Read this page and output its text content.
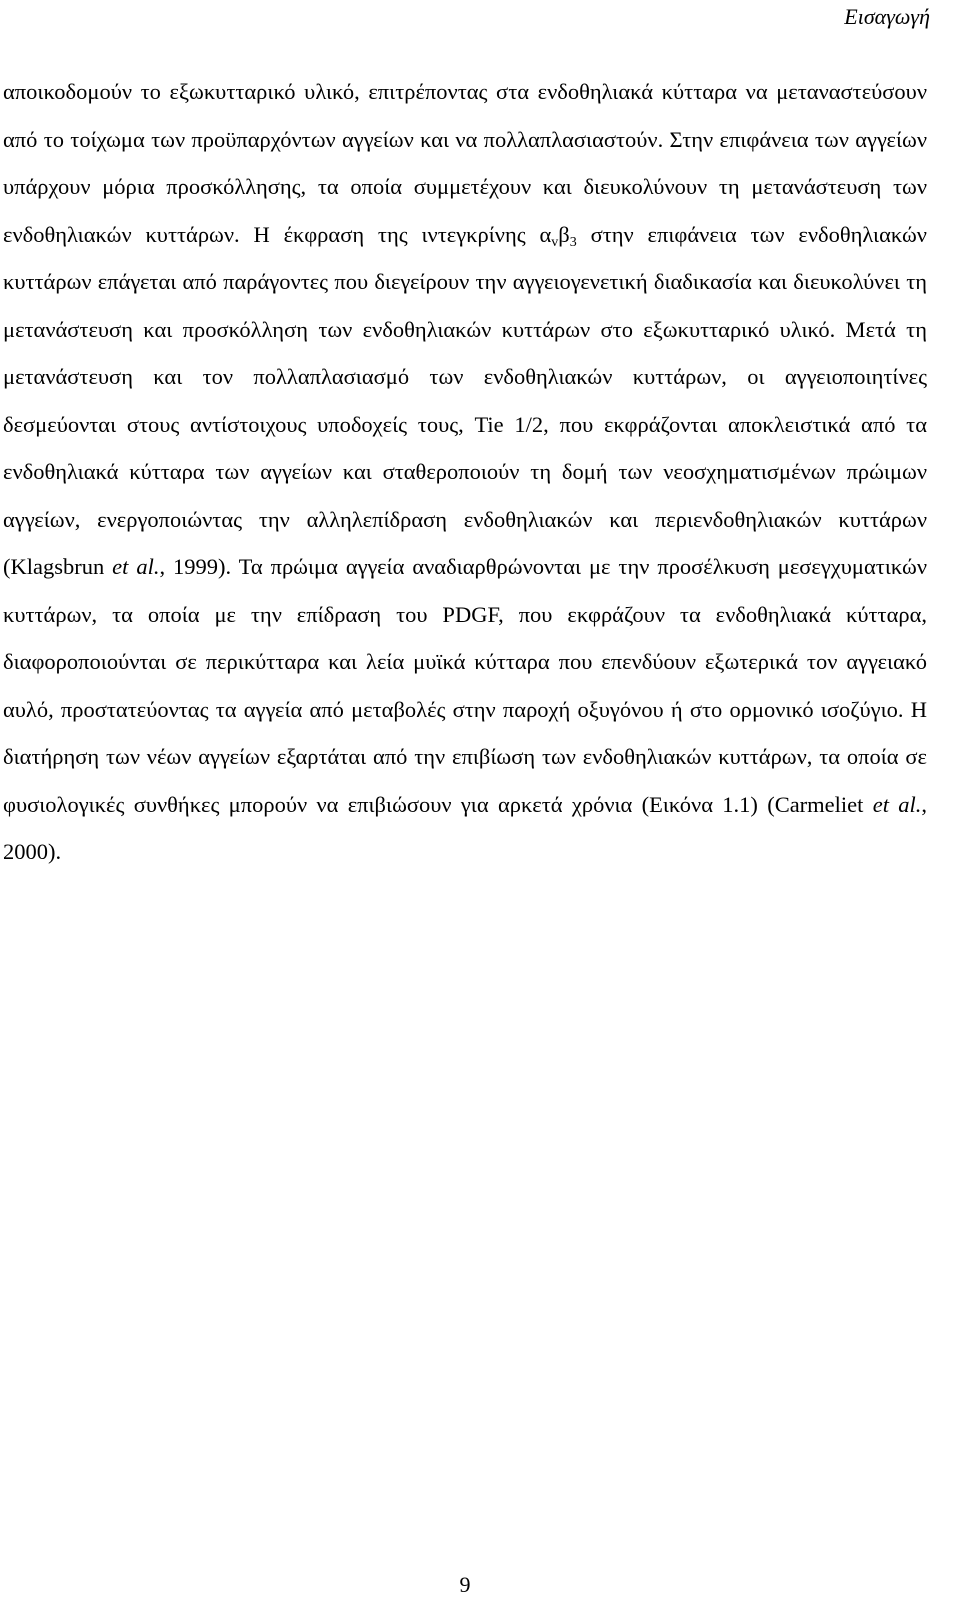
Εισαγωγή
αποικοδομούν το εξωκυτταρικό υλικό, επιτρέποντας στα ενδοθηλιακά κύτταρα να μεταναστεύσουν από το τοίχωμα των προϋπαρχόντων αγγείων και να πολλαπλασιαστούν. Στην επιφάνεια των αγγείων υπάρχουν μόρια προσκόλλησης, τα οποία συμμετέχουν και διευκολύνουν τη μετανάστευση των ενδοθηλιακών κυττάρων. Η έκφραση της ιντεγκρίνης $\alpha_v\beta_3$ στην επιφάνεια των ενδοθηλιακών κυττάρων επάγεται από παράγοντες που διεγείρουν την αγγειογενετική διαδικασία και διευκολύνει τη μετανάστευση και προσκόλληση των ενδοθηλιακών κυττάρων στο εξωκυτταρικό υλικό. Μετά τη μετανάστευση και τον πολλαπλασιασμό των ενδοθηλιακών κυττάρων, οι αγγειοποιητίνες δεσμεύονται στους αντίστοιχους υποδοχείς τους, Tie 1/2, που εκφράζονται αποκλειστικά από τα ενδοθηλιακά κύτταρα των αγγείων και σταθεροποιούν τη δομή των νεοσχηματισμένων πρώιμων αγγείων, ενεργοποιώντας την αλληλεπίδραση ενδοθηλιακών και περιενδοθηλιακών κυττάρων (Klagsbrun et al., 1999). Τα πρώιμα αγγεία αναδιαρθρώνονται με την προσέλκυση μεσεγχυματικών κυττάρων, τα οποία με την επίδραση του PDGF, που εκφράζουν τα ενδοθηλιακά κύτταρα, διαφοροποιούνται σε περικύτταρα και λεία μυϊκά κύτταρα που επενδύουν εξωτερικά τον αγγειακό αυλό, προστατεύοντας τα αγγεία από μεταβολές στην παροχή οξυγόνου ή στο ορμονικό ισοζύγιο. Η διατήρηση των νέων αγγείων εξαρτάται από την επιβίωση των ενδοθηλιακών κυττάρων, τα οποία σε φυσιολογικές συνθήκες μπορούν να επιβιώσουν για αρκετά χρόνια (Εικόνα 1.1) (Carmeliet et al., 2000).
9
